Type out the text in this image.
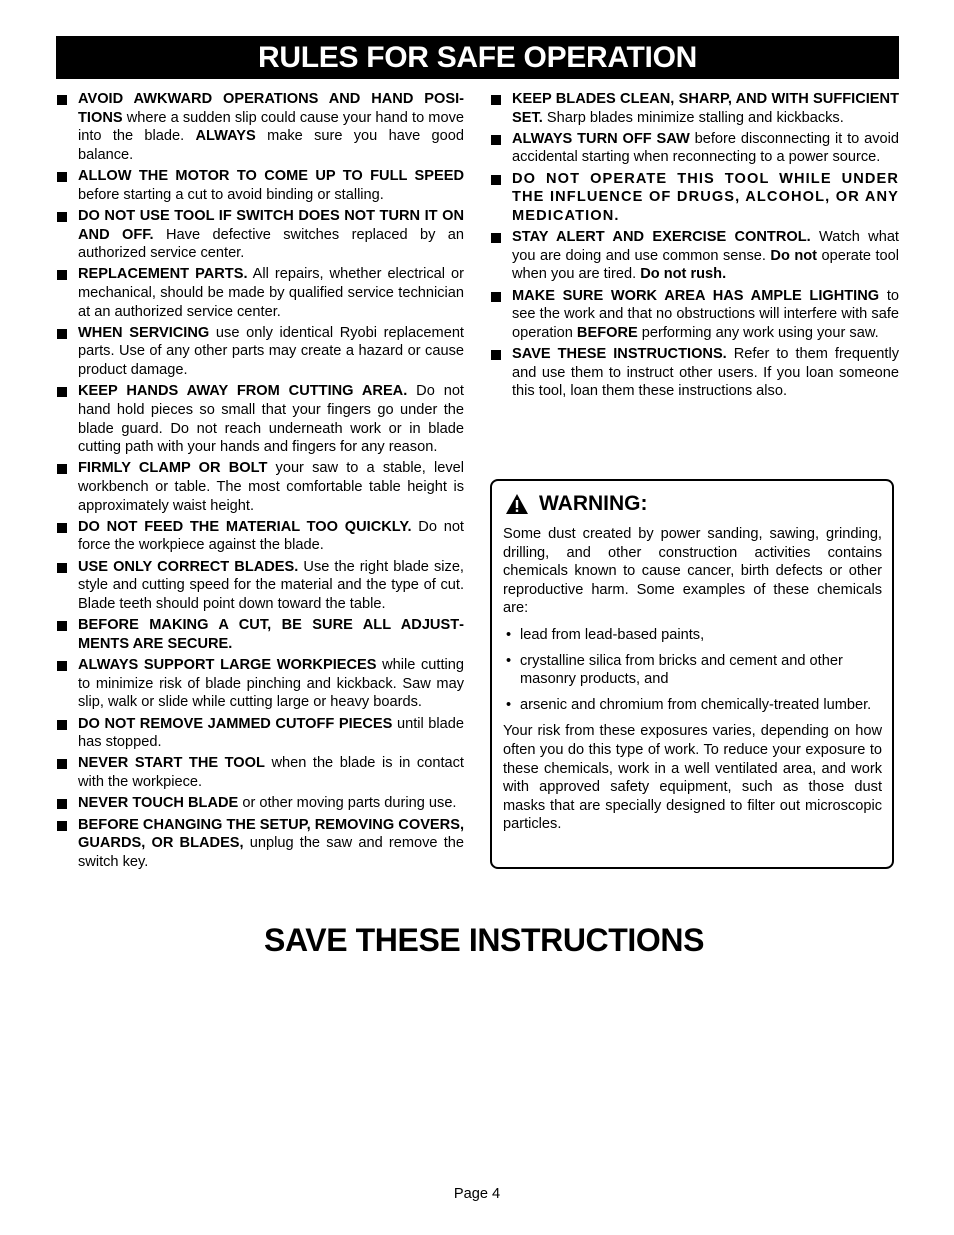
RULES FOR SAFE OPERATION
AVOID AWKWARD OPERATIONS AND HAND POSITIONS where a sudden slip could cause your hand to move into the blade. ALWAYS make sure you have good balance.
ALLOW THE MOTOR TO COME UP TO FULL SPEED before starting a cut to avoid binding or stalling.
DO NOT USE TOOL IF SWITCH DOES NOT TURN IT ON AND OFF. Have defective switches replaced by an authorized service center.
REPLACEMENT PARTS. All repairs, whether electrical or mechanical, should be made by qualified service technician at an authorized service center.
WHEN SERVICING use only identical Ryobi replacement parts. Use of any other parts may create a hazard or cause product damage.
KEEP HANDS AWAY FROM CUTTING AREA. Do not hand hold pieces so small that your fingers go under the blade guard. Do not reach underneath work or in blade cutting path with your hands and fingers for any reason.
FIRMLY CLAMP OR BOLT your saw to a stable, level workbench or table. The most comfortable table height is approximately waist height.
DO NOT FEED THE MATERIAL TOO QUICKLY. Do not force the workpiece against the blade.
USE ONLY CORRECT BLADES. Use the right blade size, style and cutting speed for the material and the type of cut. Blade teeth should point down toward the table.
BEFORE MAKING A CUT, BE SURE ALL ADJUSTMENTS ARE SECURE.
ALWAYS SUPPORT LARGE WORKPIECES while cutting to minimize risk of blade pinching and kickback. Saw may slip, walk or slide while cutting large or heavy boards.
DO NOT REMOVE JAMMED CUTOFF PIECES until blade has stopped.
NEVER START THE TOOL when the blade is in contact with the workpiece.
NEVER TOUCH BLADE or other moving parts during use.
BEFORE CHANGING THE SETUP, REMOVING COVERS, GUARDS, OR BLADES, unplug the saw and remove the switch key.
KEEP BLADES CLEAN, SHARP, AND WITH SUFFICIENT SET. Sharp blades minimize stalling and kickbacks.
ALWAYS TURN OFF SAW before disconnecting it to avoid accidental starting when reconnecting to a power source.
DO NOT OPERATE THIS TOOL WHILE UNDER THE INFLUENCE OF DRUGS, ALCOHOL, OR ANY MEDICATION.
STAY ALERT AND EXERCISE CONTROL. Watch what you are doing and use common sense. Do not operate tool when you are tired. Do not rush.
MAKE SURE WORK AREA HAS AMPLE LIGHTING to see the work and that no obstructions will interfere with safe operation BEFORE performing any work using your saw.
SAVE THESE INSTRUCTIONS. Refer to them frequently and use them to instruct other users. If you loan someone this tool, loan them these instructions also.
WARNING:

Some dust created by power sanding, sawing, grinding, drilling, and other construction activities contains chemicals known to cause cancer, birth defects or other reproductive harm. Some examples of these chemicals are:

• lead from lead-based paints,
• crystalline silica from bricks and cement and other masonry products, and
• arsenic and chromium from chemically-treated lumber.

Your risk from these exposures varies, depending on how often you do this type of work. To reduce your exposure to these chemicals, work in a well ventilated area, and work with approved safety equipment, such as those dust masks that are specially designed to filter out microscopic particles.

SAVE THESE INSTRUCTIONS
Page 4
